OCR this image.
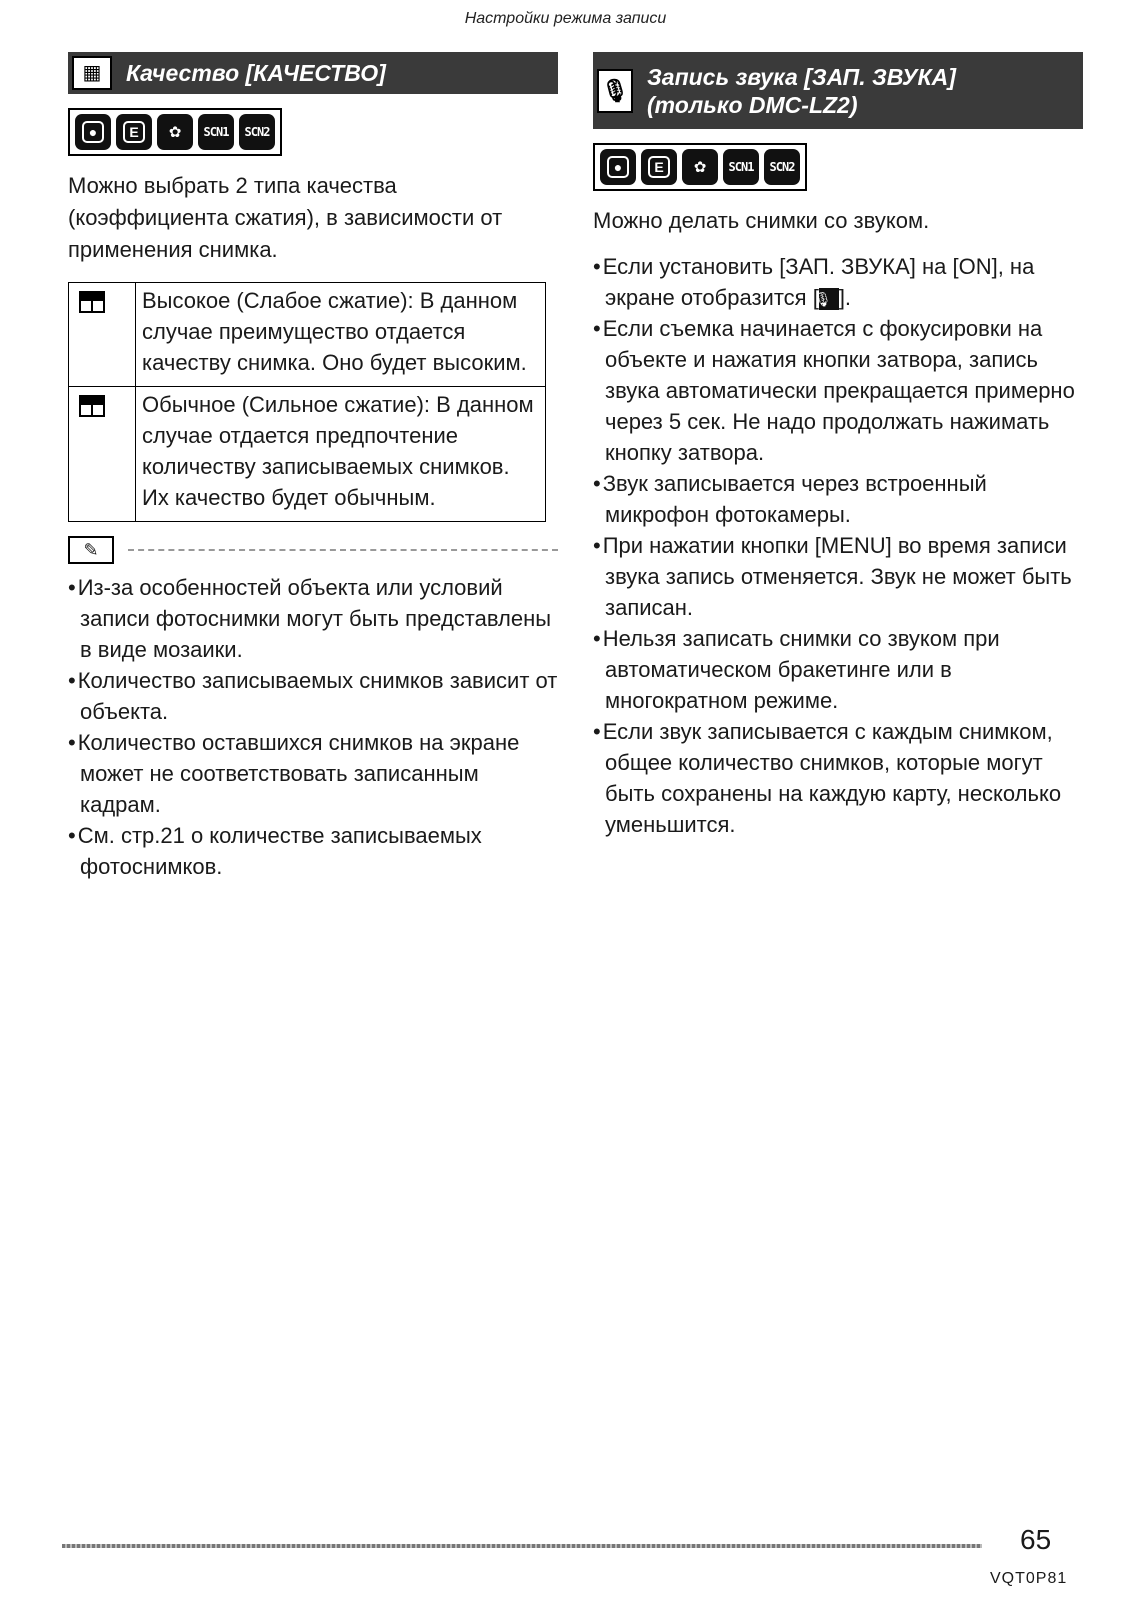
Настройки режима записи
▦	Качество [КАЧЕСТВО]
●	E	✿	SCN1	SCN2

Можно выбрать 2 типа качества (коэффициента сжатия), в зависимости от применения снимка.

	Высокое (Слабое сжатие): В данном случае преимущество отдается качеству снимка. Оно будет высоким.

	Обычное (Сильное сжатие): В данном случае отдается предпочтение количеству записываемых снимков. Их качество будет обычным.
✎
• Из-за особенностей объекта или условий записи фотоснимки могут быть представлены в виде мозаики.
• Количество записываемых снимков зависит от объекта.
• Количество оставшихся снимков на экране может не соответствовать записанным кадрам.
• См. стр.21 о количестве записываемых фотоснимков.
🎙
Запись звука [ЗАП. ЗВУКА]
(только DMC-LZ2)
●	E	✿	SCN1	SCN2

Можно делать снимки со звуком.

• Если установить [ЗАП. ЗВУКА] на [ON], на экране отобразится [🎙 ].
• Если съемка начинается с фокусировки на объекте и нажатия кнопки затвора, запись звука автоматически прекращается примерно через 5 сек. Не надо продолжать нажимать кнопку затвора.
• Звук записывается через встроенный микрофон фотокамеры.
• При нажатии кнопки [MENU] во время записи звука запись отменяется. Звук не может быть записан.
• Нельзя записать снимки со звуком при автоматическом бракетинге или в многократном режиме.
• Если звук записывается с каждым снимком, общее количество снимков, которые могут быть сохранены на каждую карту, несколько уменьшится.
65
VQT0P81
